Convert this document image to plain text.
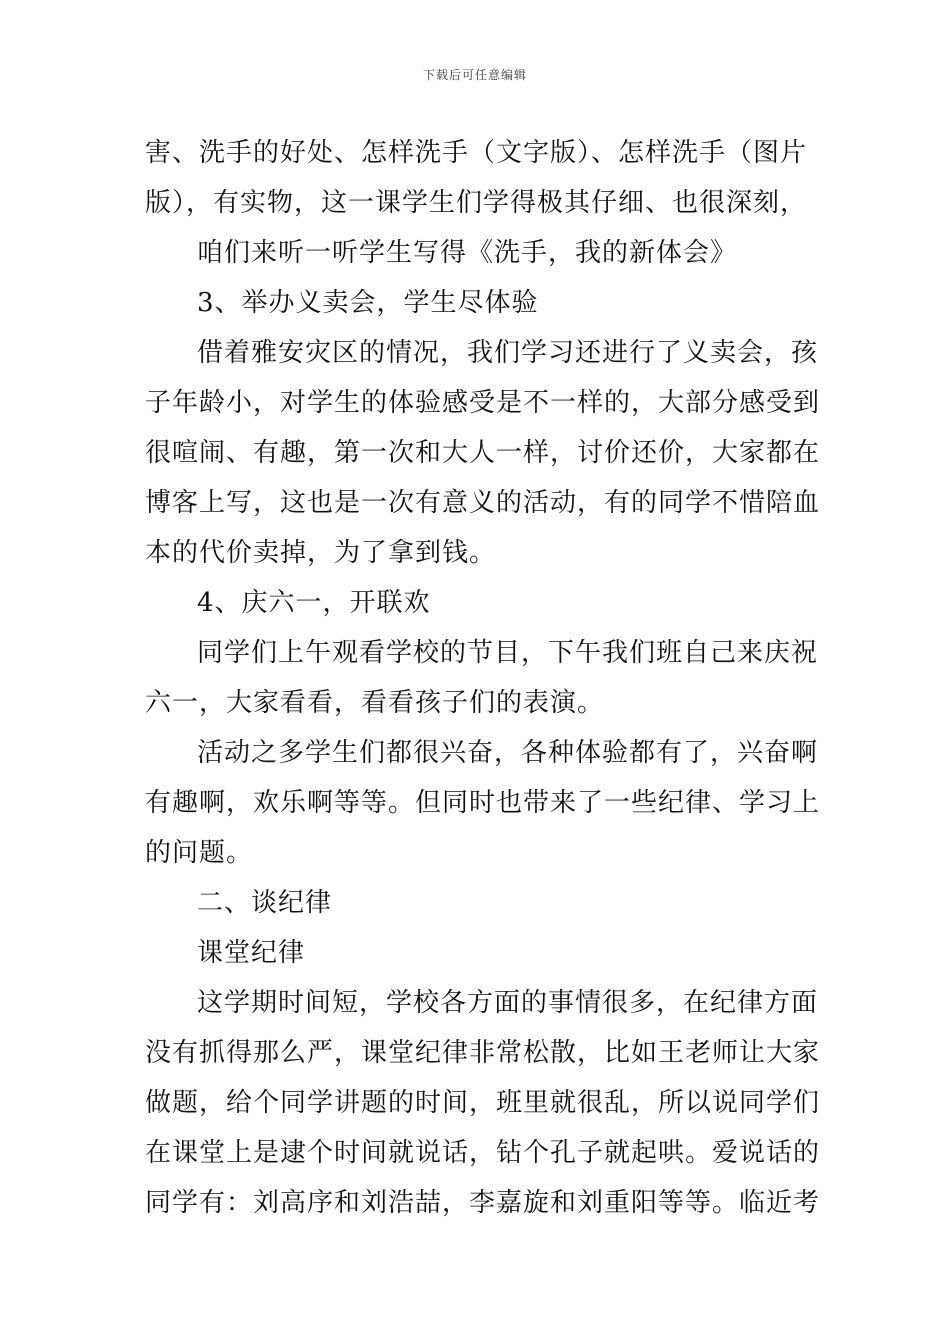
下载后可任意编辑
害、洗手的好处、怎样洗手（文字版）、怎样洗手（图片
版），有实物，这一课学生们学得极其仔细、也很深刻，
咱们来听一听学生写得《洗手，我的新体会》
3、举办义卖会，学生尽体验
借着雅安灾区的情况，我们学习还进行了义卖会，孩
子年龄小，对学生的体验感受是不一样的，大部分感受到
很喧闹、有趣，第一次和大人一样，讨价还价，大家都在
博客上写，这也是一次有意义的活动，有的同学不惜陪血
本的代价卖掉，为了拿到钱。
4、庆六一，开联欢
同学们上午观看学校的节目，下午我们班自己来庆祝
六一，大家看看，看看孩子们的表演。
活动之多学生们都很兴奋，各种体验都有了，兴奋啊
有趣啊，欢乐啊等等。但同时也带来了一些纪律、学习上
的问题。
二、谈纪律
课堂纪律
这学期时间短，学校各方面的事情很多，在纪律方面
没有抓得那么严，课堂纪律非常松散，比如王老师让大家
做题，给个同学讲题的时间，班里就很乱，所以说同学们
在课堂上是逮个时间就说话，钻个孔子就起哄。爱说话的
同学有：刘高序和刘浩喆，李嘉旋和刘重阳等等。临近考
